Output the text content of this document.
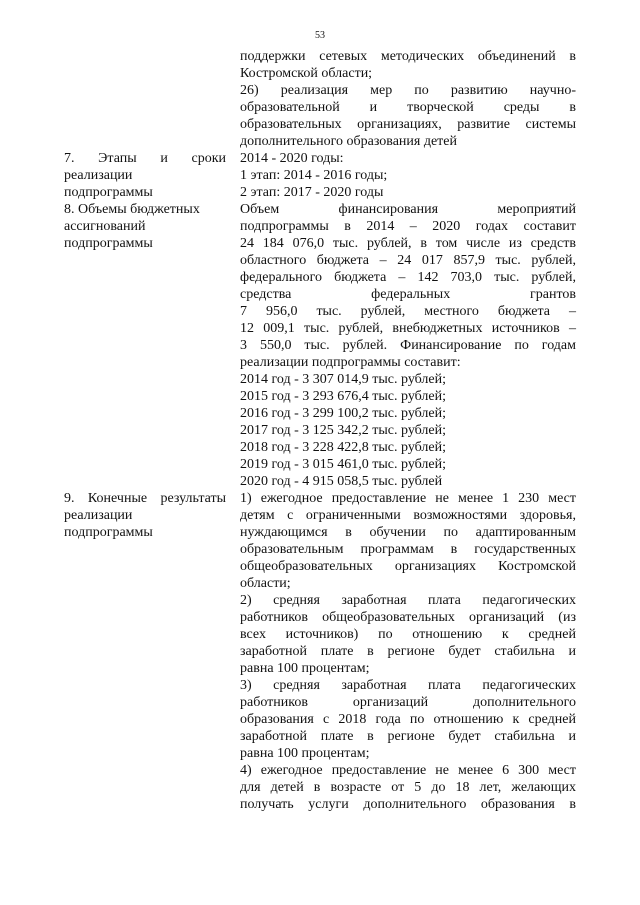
53
поддержки сетевых методических объединений в
Костромской области;
26) реализация мер по развитию научно-
образовательной и творческой среды в
образовательных организациях, развитие системы
дополнительного образования детей
7. Этапы и сроки
реализации
подпрограммы
2014 - 2020 годы:
1 этап: 2014 - 2016 годы;
2 этап: 2017 - 2020 годы
8. Объемы бюджетных
ассигнований
подпрограммы
Объем финансирования мероприятий
подпрограммы в 2014 – 2020 годах составит
24 184 076,0 тыс. рублей, в том числе из средств
областного бюджета – 24 017 857,9 тыс. рублей,
федерального бюджета – 142 703,0 тыс. рублей,
средства федеральных грантов
7 956,0 тыс. рублей, местного бюджета –
12 009,1 тыс. рублей, внебюджетных источников –
3 550,0 тыс. рублей. Финансирование по годам
реализации подпрограммы составит:
2014 год - 3 307 014,9 тыс. рублей;
2015 год - 3 293 676,4 тыс. рублей;
2016 год - 3 299 100,2 тыс. рублей;
2017 год - 3 125 342,2 тыс. рублей;
2018 год - 3 228 422,8 тыс. рублей;
2019 год - 3 015 461,0 тыс. рублей;
2020 год - 4 915 058,5 тыс. рублей
9. Конечные результаты
реализации
подпрограммы
1) ежегодное предоставление не менее 1 230 мест
детям с ограниченными возможностями здоровья,
нуждающимся в обучении по адаптированным
образовательным программам в государственных
общеобразовательных организациях Костромской
области;
2) средняя заработная плата педагогических
работников общеобразовательных организаций (из
всех источников) по отношению к средней
заработной плате в регионе будет стабильна и
равна 100 процентам;
3) средняя заработная плата педагогических
работников организаций дополнительного
образования с 2018 года по отношению к средней
заработной плате в регионе будет стабильна и
равна 100 процентам;
4) ежегодное предоставление не менее 6 300 мест
для детей в возрасте от 5 до 18 лет, желающих
получать услуги дополнительного образования в
